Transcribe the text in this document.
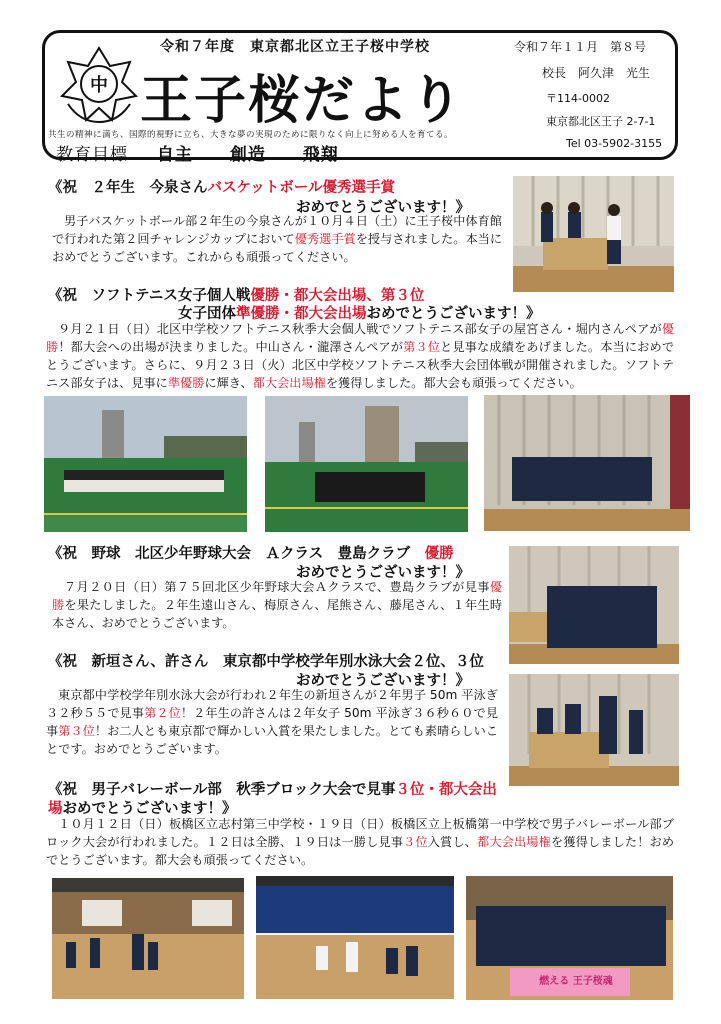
中
令和７年度　東京都北区立王子桜中学校
王子桜だより
令和７年１１月　第８号
校長　阿久津　光生
〒114-0002
東京都北区王子 2-7-1
Tel 03-5902-3155
共生の精神に満ち、国際的視野に立ち、大きな夢の実現のために限りなく向上に努める人を育てる。
教育目標 自主 創造 飛翔
《祝　２年生　今泉さんバスケットボール優秀選手賞
おめでとうございます！》
男子バスケットボール部２年生の今泉さんが１０月４日（土）に王子桜中体育館で行われた第２回チャレンジカップにおいて優秀選手賞を授与されました。本当におめでとうございます。これからも頑張ってください。
《祝　ソフトテニス女子個人戦優勝・都大会出場、第３位
女子団体準優勝・都大会出場おめでとうございます！》
９月２１日（日）北区中学校ソフトテニス秋季大会個人戦でソフトテニス部女子の屋宮さん・堀内さんペアが優勝！都大会への出場が決まりました。中山さん・瀧澤さんペアが第３位と見事な成績をあげました。本当におめでとうございます。さらに、９月２３日（火）北区中学校ソフトテニス秋季大会団体戦が開催されました。ソフトテニス部女子は、見事に準優勝に輝き、都大会出場権を獲得しました。都大会も頑張ってください。
《祝　野球　北区少年野球大会　Ａクラス　豊島クラブ　優勝
おめでとうございます！》
７月２０日（日）第７５回北区少年野球大会Ａクラスで、豊島クラブが見事優勝を果たしました。２年生遠山さん、梅原さん、尾熊さん、藤尾さん、１年生時本さん、おめでとうございます。
《祝　新垣さん、許さん　東京都中学校学年別水泳大会２位、３位
おめでとうございます！》
東京都中学校学年別水泳大会が行われ２年生の新垣さんが２年男子 50m 平泳ぎ３２秒５５で見事第２位！２年生の許さんは２年女子 50m 平泳ぎ３６秒６０で見事第３位！お二人とも東京都で輝かしい入賞を果たしました。とても素晴らしいことです。おめでとうございます。
《祝　男子バレーボール部　秋季ブロック大会で見事３位・都大会出
場おめでとうございます！》
１０月１２日（日）板橋区立志村第三中学校・１９日（日）板橋区立上板橋第一中学校で男子バレーボール部ブロック大会が行われました。１２日は全勝、１９日は一勝し見事３位入賞し、都大会出場権を獲得しました！おめでとうございます。都大会も頑張ってください。
燃える 王子桜魂
